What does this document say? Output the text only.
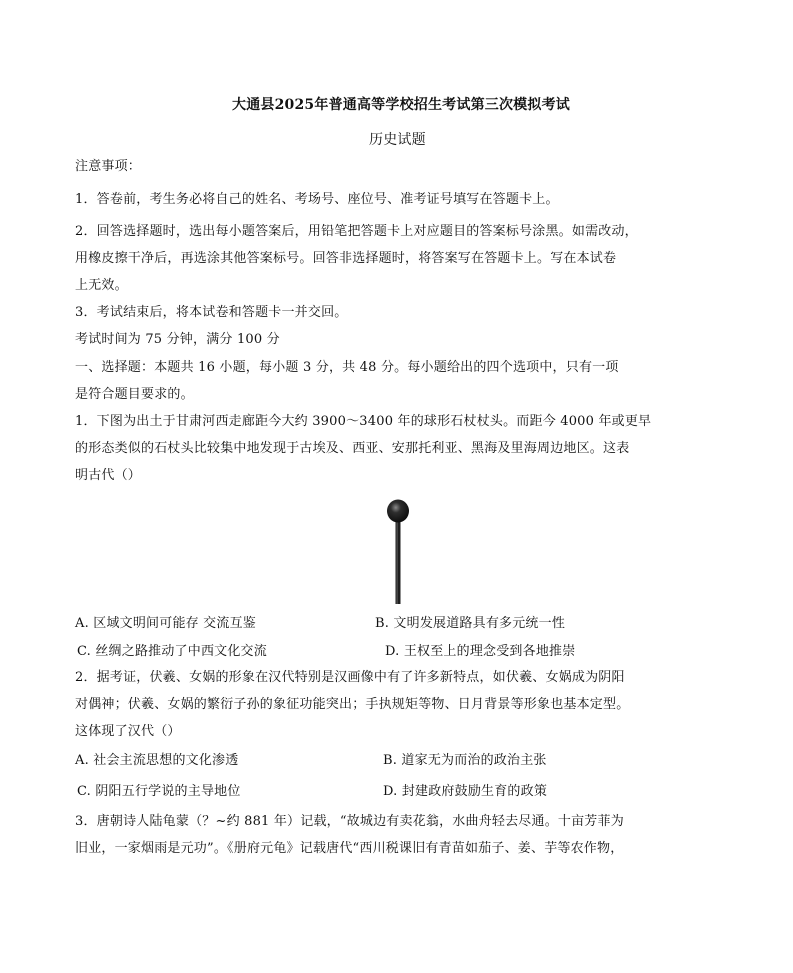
大通县2025年普通高等学校招生考试第三次模拟考试
历史试题
注意事项：
1．答卷前，考生务必将自己的姓名、考场号、座位号、准考证号填写在答题卡上。
2．回答选择题时，选出每小题答案后，用铅笔把答题卡上对应题目的答案标号涂黑。如需改动，
用橡皮擦干净后，再选涂其他答案标号。回答非选择题时，将答案写在答题卡上。写在本试卷
上无效。
3．考试结束后，将本试卷和答题卡一并交回。
考试时间为 75 分钟，满分 100 分
一、选择题：本题共 16 小题，每小题 3 分，共 48 分。每小题给出的四个选项中，只有一项
是符合题目要求的。
1．下图为出土于甘肃河西走廊距今大约 3900～3400 年的球形石杖杖头。而距今 4000 年或更早
的形态类似的石杖头比较集中地发现于古埃及、西亚、安那托利亚、黑海及里海周边地区。这表
明古代（）
A. 区域文明间可能存 交流互鉴	B. 文明发展道路具有多元统一性
C. 丝绸之路推动了中西文化交流	D. 王权至上的理念受到各地推崇
2．据考证，伏羲、女娲的形象在汉代特别是汉画像中有了许多新特点，如伏羲、女娲成为阴阳
对偶神；伏羲、女娲的繁衍子孙的象征功能突出；手执规矩等物、日月背景等形象也基本定型。
这体现了汉代（）
A. 社会主流思想的文化渗透	B. 道家无为而治的政治主张
C. 阴阳五行学说的主导地位	D. 封建政府鼓励生育的政策
3．唐朝诗人陆龟蒙（？~约 881 年）记载，“故城边有卖花翁，水曲舟轻去尽通。十亩芳菲为
旧业，一家烟雨是元功”。《册府元龟》记载唐代“西川税课旧有青苗如茄子、姜、芋等农作物，
